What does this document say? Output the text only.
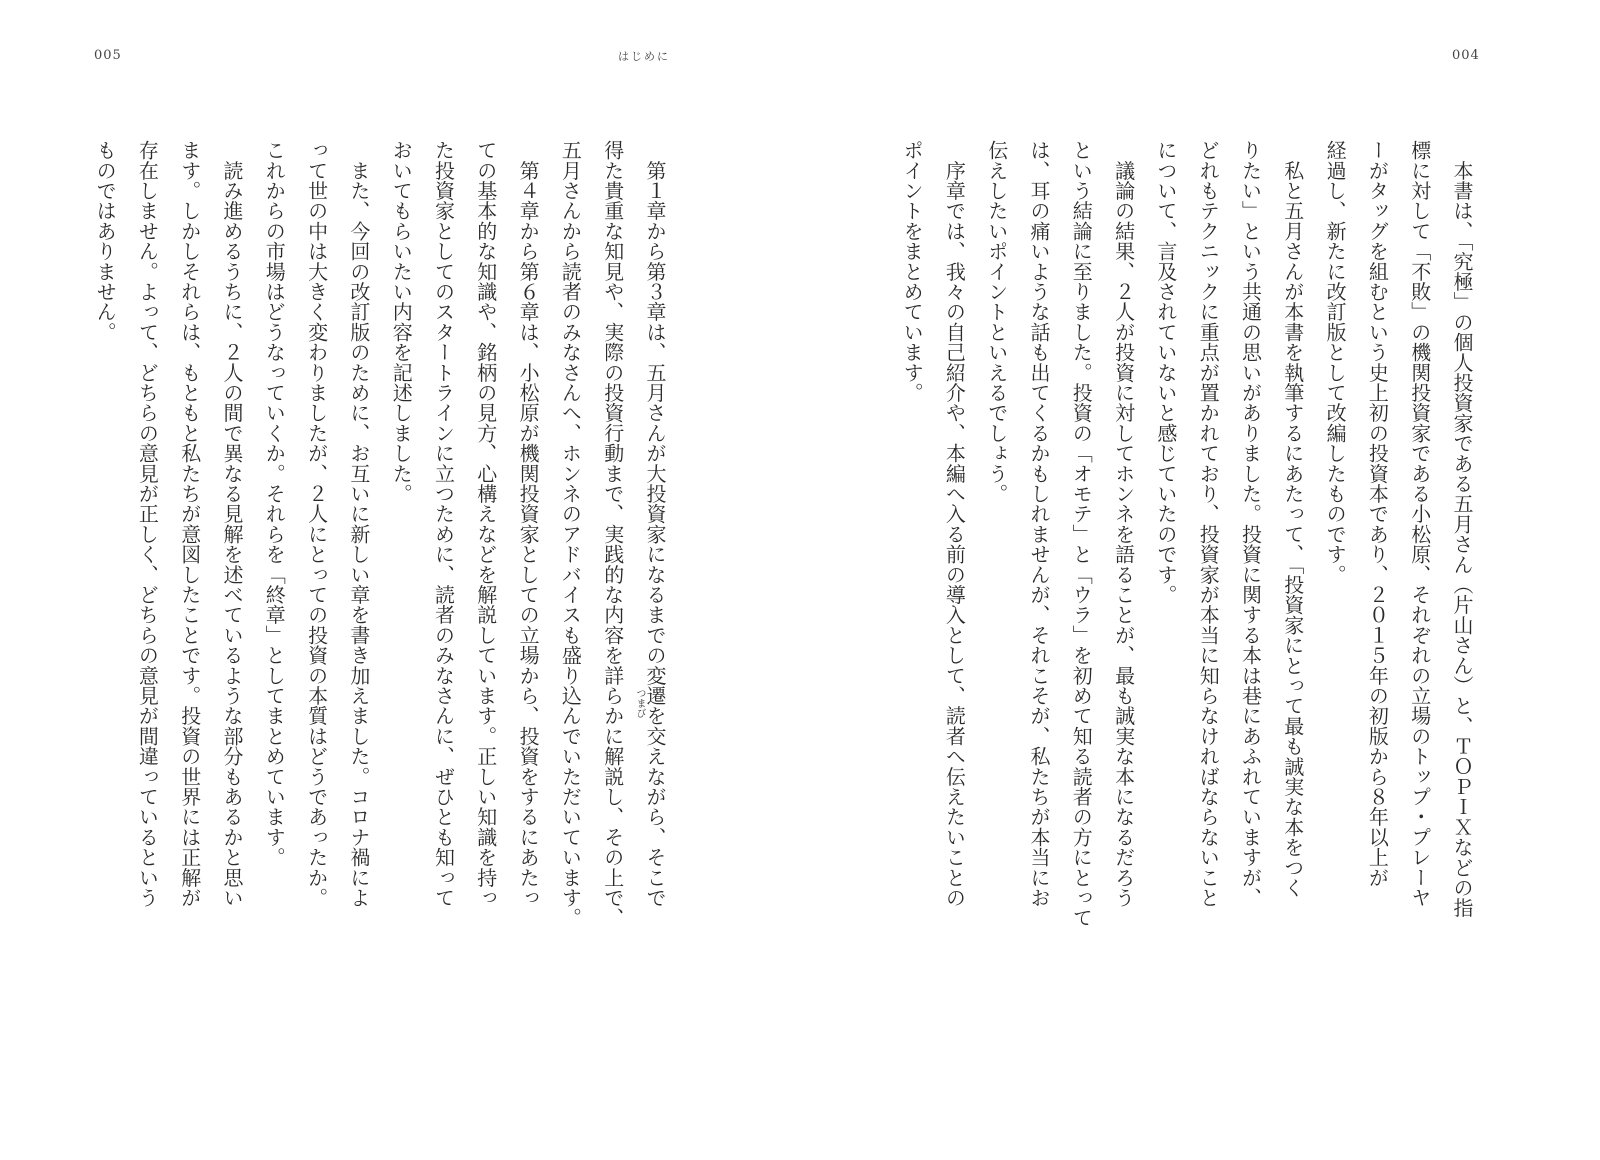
005	はじめに
　第１章から第３章は、五月さんが大投資家になるまでの変遷を交えながら、そこで
得た貴重な知見や、実際の投資行動まで、実践的な内容を詳らかに解説し、その上で、
五月さんから読者のみなさんへ、ホンネのアドバイスも盛り込んでいただいています。
　第４章から第６章は、小松原が機関投資家としての立場から、投資をするにあたっ
ての基本的な知識や、銘柄の見方、心構えなどを解説しています。正しい知識を持っ
た投資家としてのスタートラインに立つために、読者のみなさんに、ぜひとも知って
おいてもらいたい内容を記述しました。
　また、今回の改訂版のために、お互いに新しい章を書き加えました。コロナ禍によ
って世の中は大きく変わりましたが、２人にとっての投資の本質はどうであったか。
これからの市場はどうなっていくか。それらを「終章」としてまとめています。
　読み進めるうちに、２人の間で異なる見解を述べているような部分もあるかと思い
ます。しかしそれらは、もともと私たちが意図したことです。投資の世界には正解が
存在しません。よって、どちらの意見が正しく、どちらの意見が間違っているという
ものではありません。
つまび
004
　本書は、「究極」の個人投資家である五月さん（片山さん）と、ＴＯＰＩＸなどの指
標に対して「不敗」の機関投資家である小松原、それぞれの立場のトップ・プレーヤ
ーがタッグを組むという史上初の投資本であり、２０１５年の初版から８年以上が
経過し、新たに改訂版として改編したものです。
　私と五月さんが本書を執筆するにあたって、「投資家にとって最も誠実な本をつく
りたい」という共通の思いがありました。投資に関する本は巷にあふれていますが、
どれもテクニックに重点が置かれており、投資家が本当に知らなければならないこと
について、言及されていないと感じていたのです。
　議論の結果、２人が投資に対してホンネを語ることが、最も誠実な本になるだろう
という結論に至りました。投資の「オモテ」と「ウラ」を初めて知る読者の方にとって
は、耳の痛いような話も出てくるかもしれませんが、それこそが、私たちが本当にお
伝えしたいポイントといえるでしょう。
　序章では、我々の自己紹介や、本編へ入る前の導入として、読者へ伝えたいことの
ポイントをまとめています。
